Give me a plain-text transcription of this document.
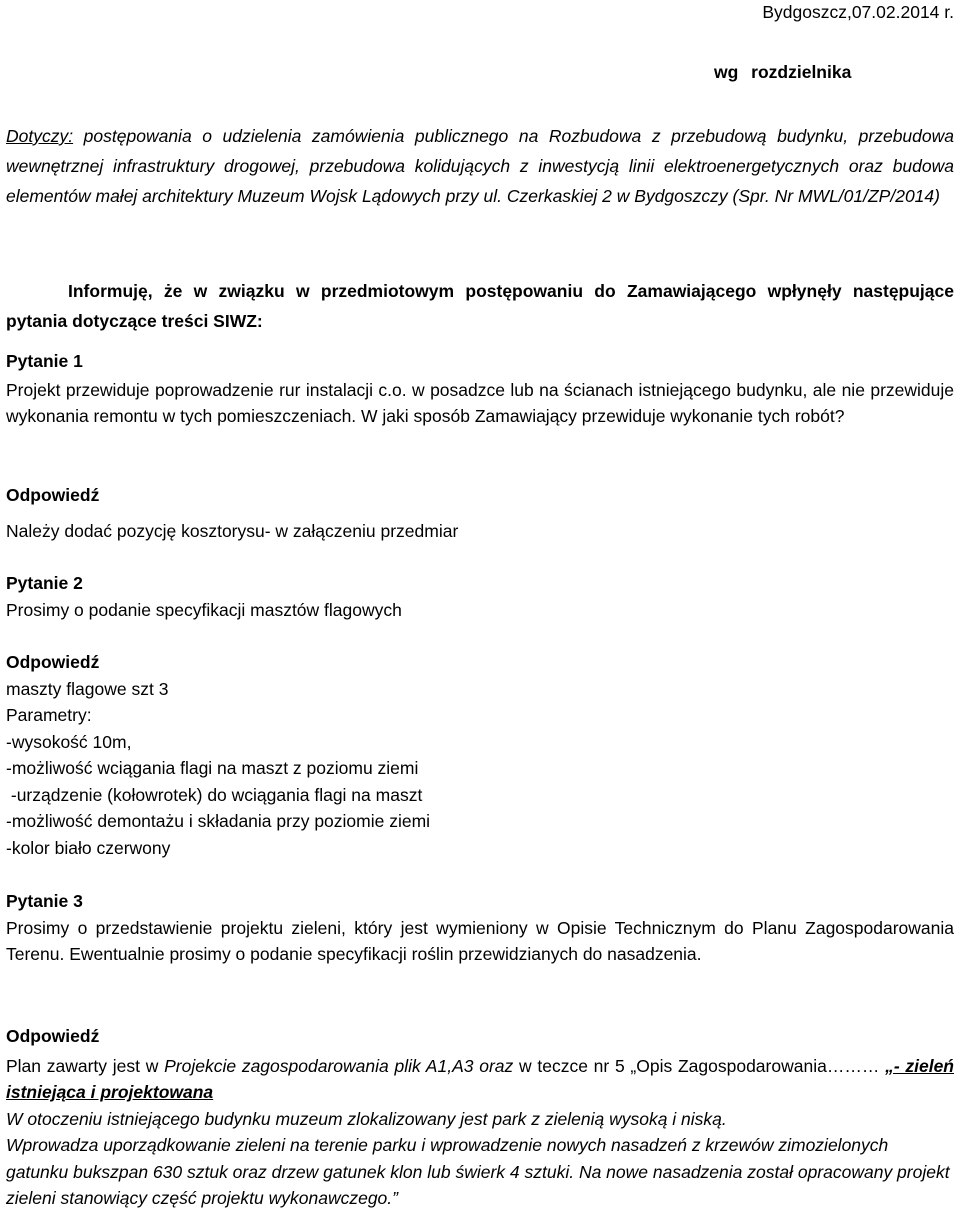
Bydgoszcz,07.02.2014 r.
wg rozdzielnika
Dotyczy: postępowania o udzielenia zamówienia publicznego na Rozbudowa z przebudową budynku, przebudowa wewnętrznej infrastruktury drogowej, przebudowa kolidujących z inwestycją linii elektroenergetycznych oraz budowa elementów małej architektury Muzeum Wojsk Lądowych przy ul. Czerkaskiej 2 w Bydgoszczy (Spr. Nr MWL/01/ZP/2014)
Informuję, że w związku w przedmiotowym postępowaniu do Zamawiającego wpłynęły następujące pytania dotyczące treści SIWZ:

Pytanie 1

Projekt przewiduje poprowadzenie rur instalacji c.o. w posadzce lub na ścianach istniejącego budynku, ale nie przewiduje wykonania remontu w tych pomieszczeniach. W jaki sposób Zamawiający przewiduje wykonanie tych robót?

Odpowiedź

Należy dodać pozycję kosztorysu- w załączeniu przedmiar

Pytanie 2

Prosimy o podanie specyfikacji masztów flagowych

Odpowiedź

maszty flagowe szt 3

Parametry:

-wysokość 10m,

-możliwość wciągania flagi na maszt z poziomu ziemi

-urządzenie (kołowrotek) do wciągania flagi na maszt

-możliwość demontażu i składania przy poziomie ziemi

-kolor biało czerwony

Pytanie 3

Prosimy o przedstawienie projektu zieleni, który jest wymieniony w Opisie Technicznym do Planu Zagospodarowania Terenu. Ewentualnie prosimy o podanie specyfikacji roślin przewidzianych do nasadzenia.

Odpowiedź

Plan zawarty jest w Projekcie zagospodarowania plik A1,A3 oraz w teczce nr 5 „Opis Zagospodarowania……… „- zieleń istniejąca i projektowana

W otoczeniu istniejącego budynku muzeum zlokalizowany jest park z zielenią wysoką i niską.

Wprowadza uporządkowanie zieleni na terenie parku i wprowadzenie nowych nasadzeń z krzewów zimozielonych gatunku bukszpan 630 sztuk oraz drzew gatunek klon lub świerk 4 sztuki. Na nowe nasadzenia został opracowany projekt zieleni stanowiący część projektu wykonawczego.”
